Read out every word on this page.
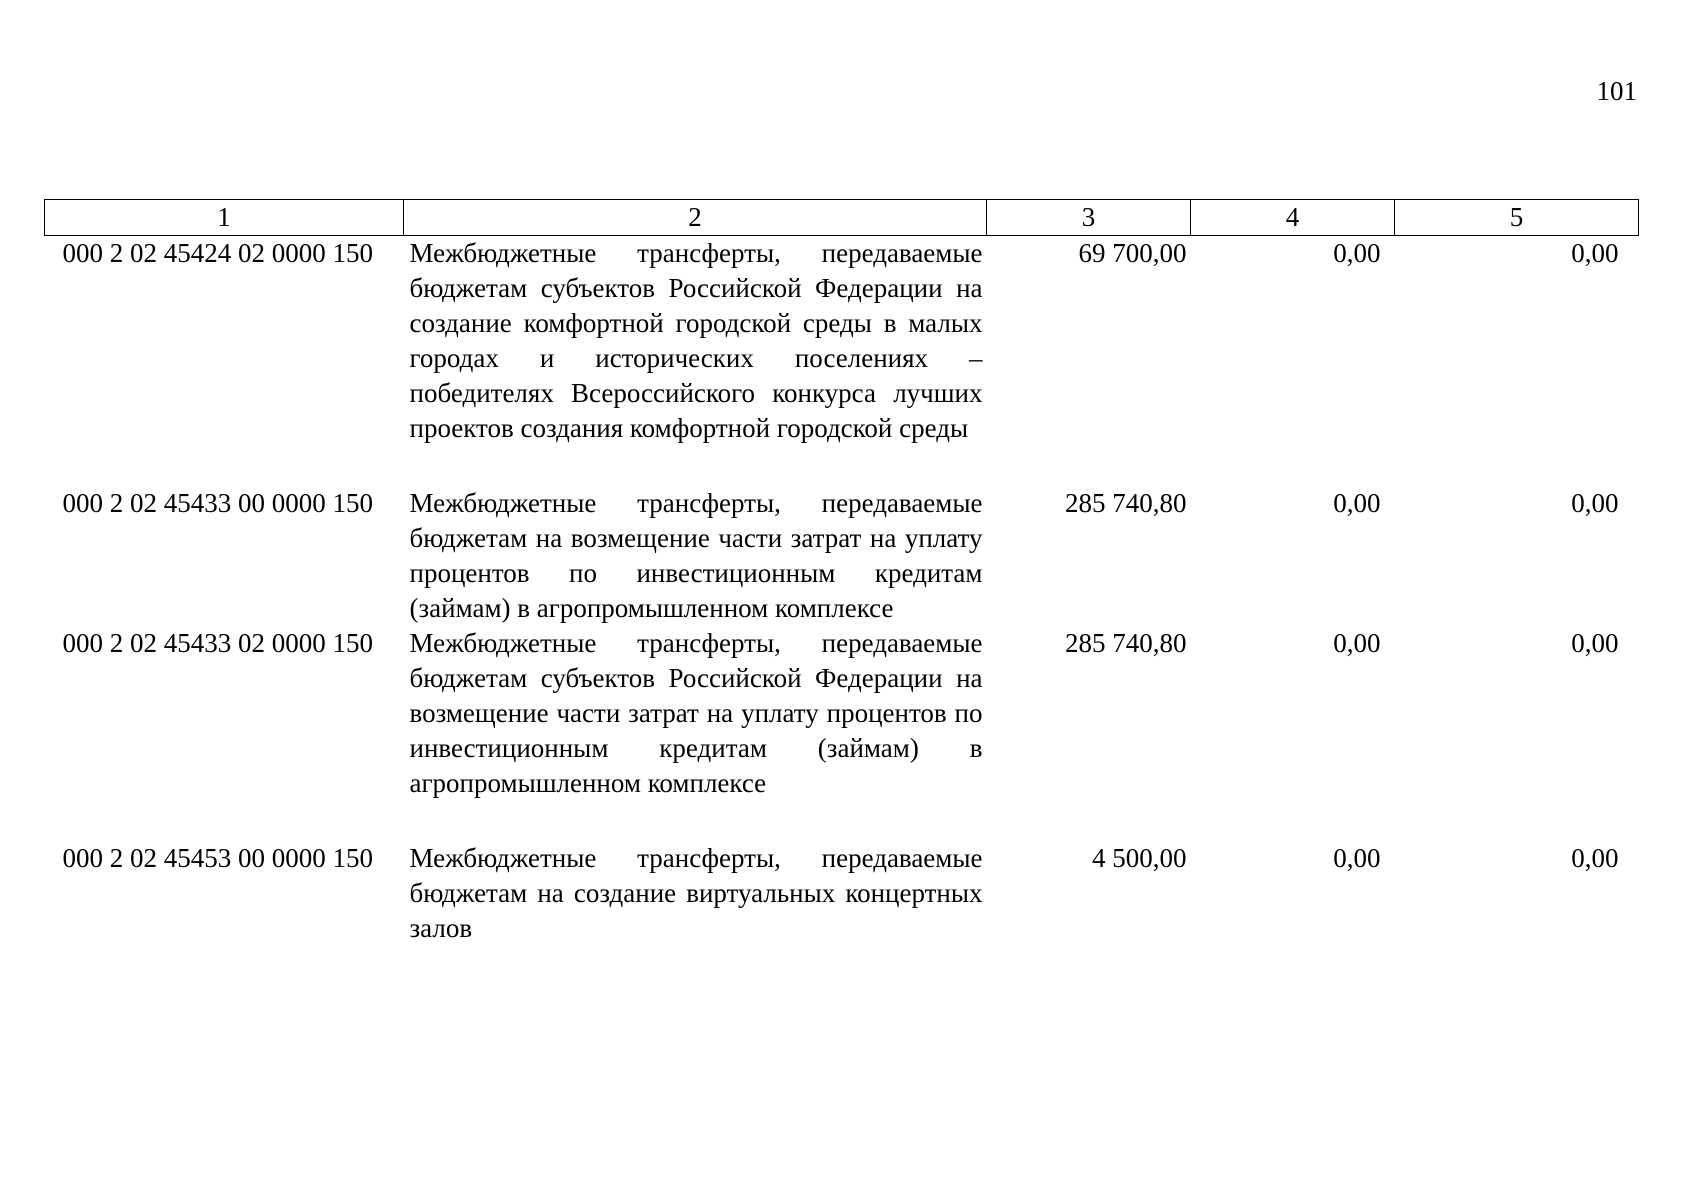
101
1	2	3	4	5
000 2 02 45424 02 0000 150	Межбюджетные трансферты, передаваемые бюджетам субъектов Российской Федерации на создание комфортной городской среды в малых городах и исторических поселениях – победителях Всероссийского конкурса лучших проектов создания комфортной городской среды	69 700,00	0,00	0,00
000 2 02 45433 00 0000 150	Межбюджетные трансферты, передаваемые бюджетам на возмещение части затрат на уплату процентов по инвестиционным кредитам (займам) в агропромышленном комплексе	285 740,80	0,00	0,00
000 2 02 45433 02 0000 150	Межбюджетные трансферты, передаваемые бюджетам субъектов Российской Федерации на возмещение части затрат на уплату процентов по инвестиционным кредитам (займам) в агропромышленном комплексе	285 740,80	0,00	0,00
000 2 02 45453 00 0000 150	Межбюджетные трансферты, передаваемые бюджетам на создание виртуальных концертных залов	4 500,00	0,00	0,00
